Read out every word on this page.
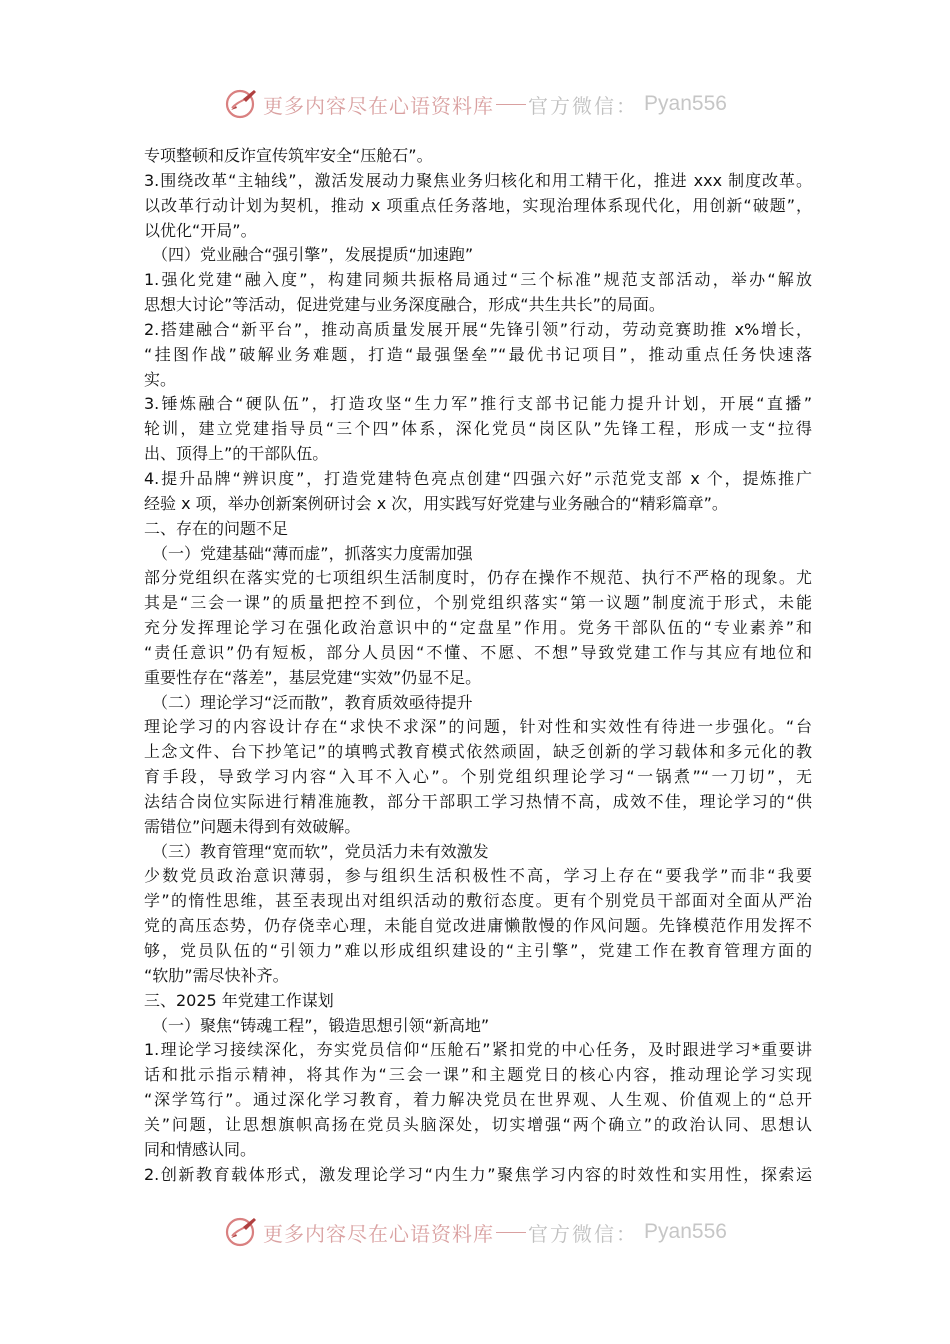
更多内容尽在心语资料库 官方微信： Pyan556
专项整顿和反诈宣传筑牢安全“压舱石”。
3.围绕改革“主轴线”，激活发展动力聚焦业务归核化和用工精干化，推进 xxx 制度改革。
以改革行动计划为契机，推动 x 项重点任务落地，实现治理体系现代化，用创新“破题”，
以优化“开局”。
（四）党业融合“强引擎”，发展提质“加速跑”
1.强化党建“融入度”，构建同频共振格局通过“三个标准”规范支部活动，举办“解放
思想大讨论”等活动，促进党建与业务深度融合，形成“共生共长”的局面。
2.搭建融合“新平台”，推动高质量发展开展“先锋引领”行动，劳动竞赛助推 x%增长，
“挂图作战”破解业务难题，打造“最强堡垒”“最优书记项目”，推动重点任务快速落
实。
3.锤炼融合“硬队伍”，打造攻坚“生力军”推行支部书记能力提升计划，开展“直播”
轮训，建立党建指导员“三个四”体系，深化党员“岗区队”先锋工程，形成一支“拉得
出、顶得上”的干部队伍。
4.提升品牌“辨识度”，打造党建特色亮点创建“四强六好”示范党支部 x 个，提炼推广
经验 x 项，举办创新案例研讨会 x 次，用实践写好党建与业务融合的“精彩篇章”。
二、存在的问题不足
（一）党建基础“薄而虚”，抓落实力度需加强
部分党组织在落实党的七项组织生活制度时，仍存在操作不规范、执行不严格的现象。尤
其是“三会一课”的质量把控不到位，个别党组织落实“第一议题”制度流于形式，未能
充分发挥理论学习在强化政治意识中的“定盘星”作用。党务干部队伍的“专业素养”和
“责任意识”仍有短板，部分人员因“不懂、不愿、不想”导致党建工作与其应有地位和
重要性存在“落差”，基层党建“实效”仍显不足。
（二）理论学习“泛而散”，教育质效亟待提升
理论学习的内容设计存在“求快不求深”的问题，针对性和实效性有待进一步强化。“台
上念文件、台下抄笔记”的填鸭式教育模式依然顽固，缺乏创新的学习载体和多元化的教
育手段，导致学习内容“入耳不入心”。个别党组织理论学习“一锅煮”“一刀切”，无
法结合岗位实际进行精准施教，部分干部职工学习热情不高，成效不佳，理论学习的“供
需错位”问题未得到有效破解。
（三）教育管理“宽而软”，党员活力未有效激发
少数党员政治意识薄弱，参与组织生活积极性不高，学习上存在“要我学”而非“我要
学”的惰性思维，甚至表现出对组织活动的敷衍态度。更有个别党员干部面对全面从严治
党的高压态势，仍存侥幸心理，未能自觉改进庸懒散慢的作风问题。先锋模范作用发挥不
够，党员队伍的“引领力”难以形成组织建设的“主引擎”，党建工作在教育管理方面的
“软肋”需尽快补齐。
三、2025 年党建工作谋划
（一）聚焦“铸魂工程”，锻造思想引领“新高地”
1.理论学习接续深化，夯实党员信仰“压舱石”紧扣党的中心任务，及时跟进学习*重要讲
话和批示指示精神，将其作为“三会一课”和主题党日的核心内容，推动理论学习实现
“深学笃行”。通过深化学习教育，着力解决党员在世界观、人生观、价值观上的“总开
关”问题，让思想旗帜高扬在党员头脑深处，切实增强“两个确立”的政治认同、思想认
同和情感认同。
2.创新教育载体形式，激发理论学习“内生力”聚焦学习内容的时效性和实用性，探索运
更多内容尽在心语资料库 官方微信： Pyan556
